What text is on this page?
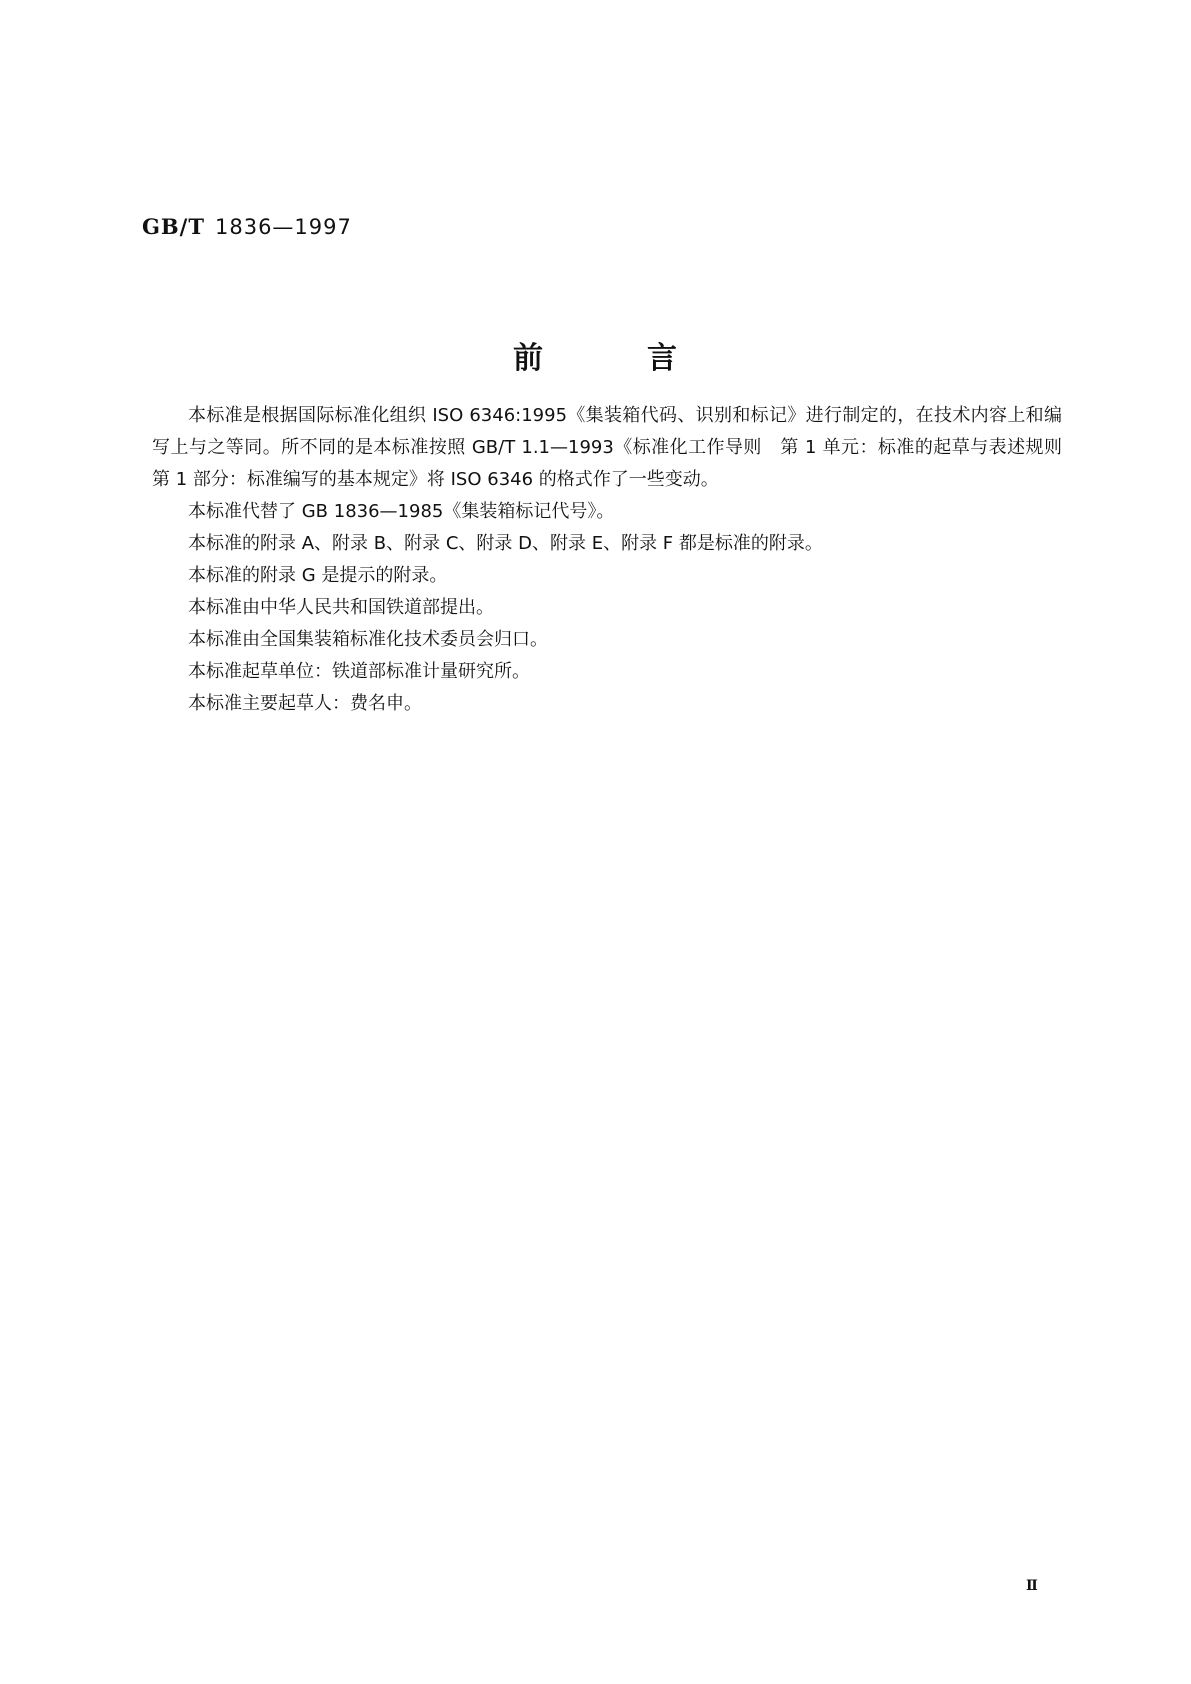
GB/T 1836—1997
前言

本标准是根据国际标准化组织 ISO 6346:1995《集装箱代码、识别和标记》进行制定的，在技术内容上和编写上与之等同。所不同的是本标准按照 GB/T 1.1—1993《标准化工作导则　第 1 单元：标准的起草与表述规则　第 1 部分：标准编写的基本规定》将 ISO 6346 的格式作了一些变动。

本标准代替了 GB 1836—1985《集装箱标记代号》。

本标准的附录 A、附录 B、附录 C、附录 D、附录 E、附录 F 都是标准的附录。

本标准的附录 G 是提示的附录。

本标准由中华人民共和国铁道部提出。

本标准由全国集装箱标准化技术委员会归口。

本标准起草单位：铁道部标准计量研究所。

本标准主要起草人：费名申。

Ⅱ
